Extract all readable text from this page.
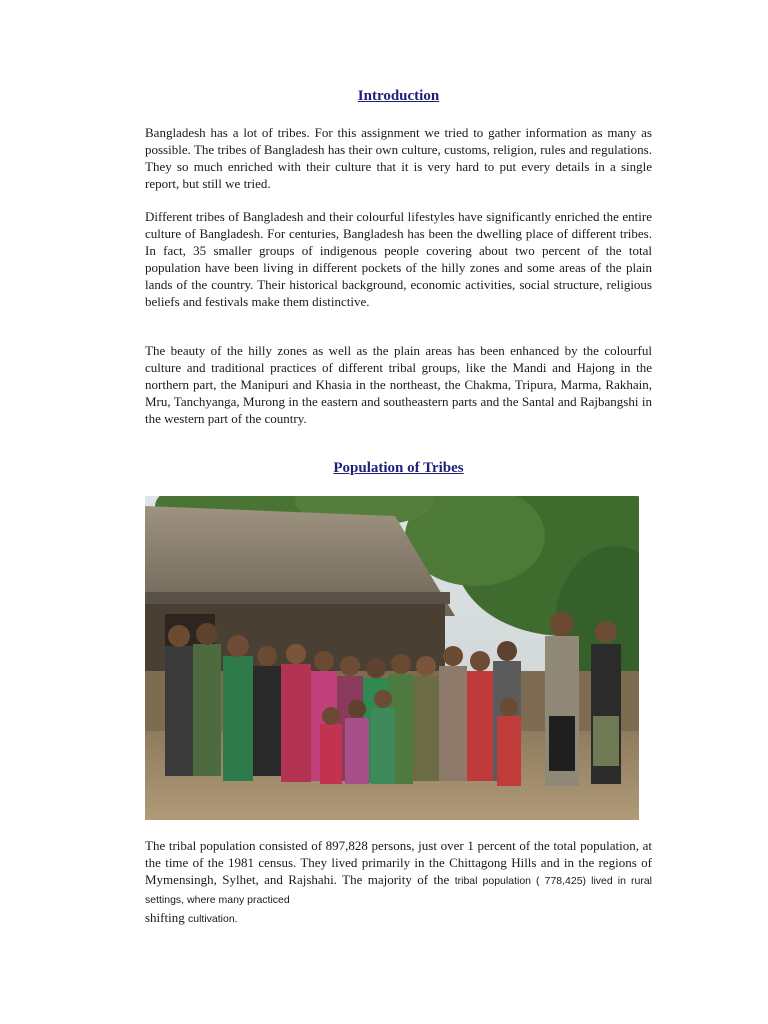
Introduction

Bangladesh has a lot of tribes. For this assignment we tried to gather information as many as possible. The tribes of Bangladesh has their own culture, customs, religion, rules and regulations. They so much enriched with their culture that it is very hard to put every details in a single report, but still we tried.

Different tribes of Bangladesh and their colourful lifestyles have significantly enriched the entire culture of Bangladesh. For centuries, Bangladesh has been the dwelling place of different tribes. In fact, 35 smaller groups of indigenous people covering about two percent of the total population have been living in different pockets of the hilly zones and some areas of the plain lands of the country. Their historical background, economic activities, social structure, religious beliefs and festivals make them distinctive.

The beauty of the hilly zones as well as the plain areas has been enhanced by the colourful culture and traditional practices of different tribal groups, like the Mandi and Hajong in the northern part, the Manipuri and Khasia in the northeast, the Chakma, Tripura, Marma, Rakhain, Mru, Tanchyanga, Murong in the eastern and southeastern parts and the Santal and Rajbangshi in the western part of the country.

Population of Tribes

The tribal population consisted of 897,828 persons, just over 1 percent of the total population, at the time of the 1981 census. They lived primarily in the Chittagong Hills and in the regions of Mymensingh, Sylhet, and Rajshahi. The majority of the tribal population ( 778,425) lived in rural settings, where many practiced
shifting cultivation.
